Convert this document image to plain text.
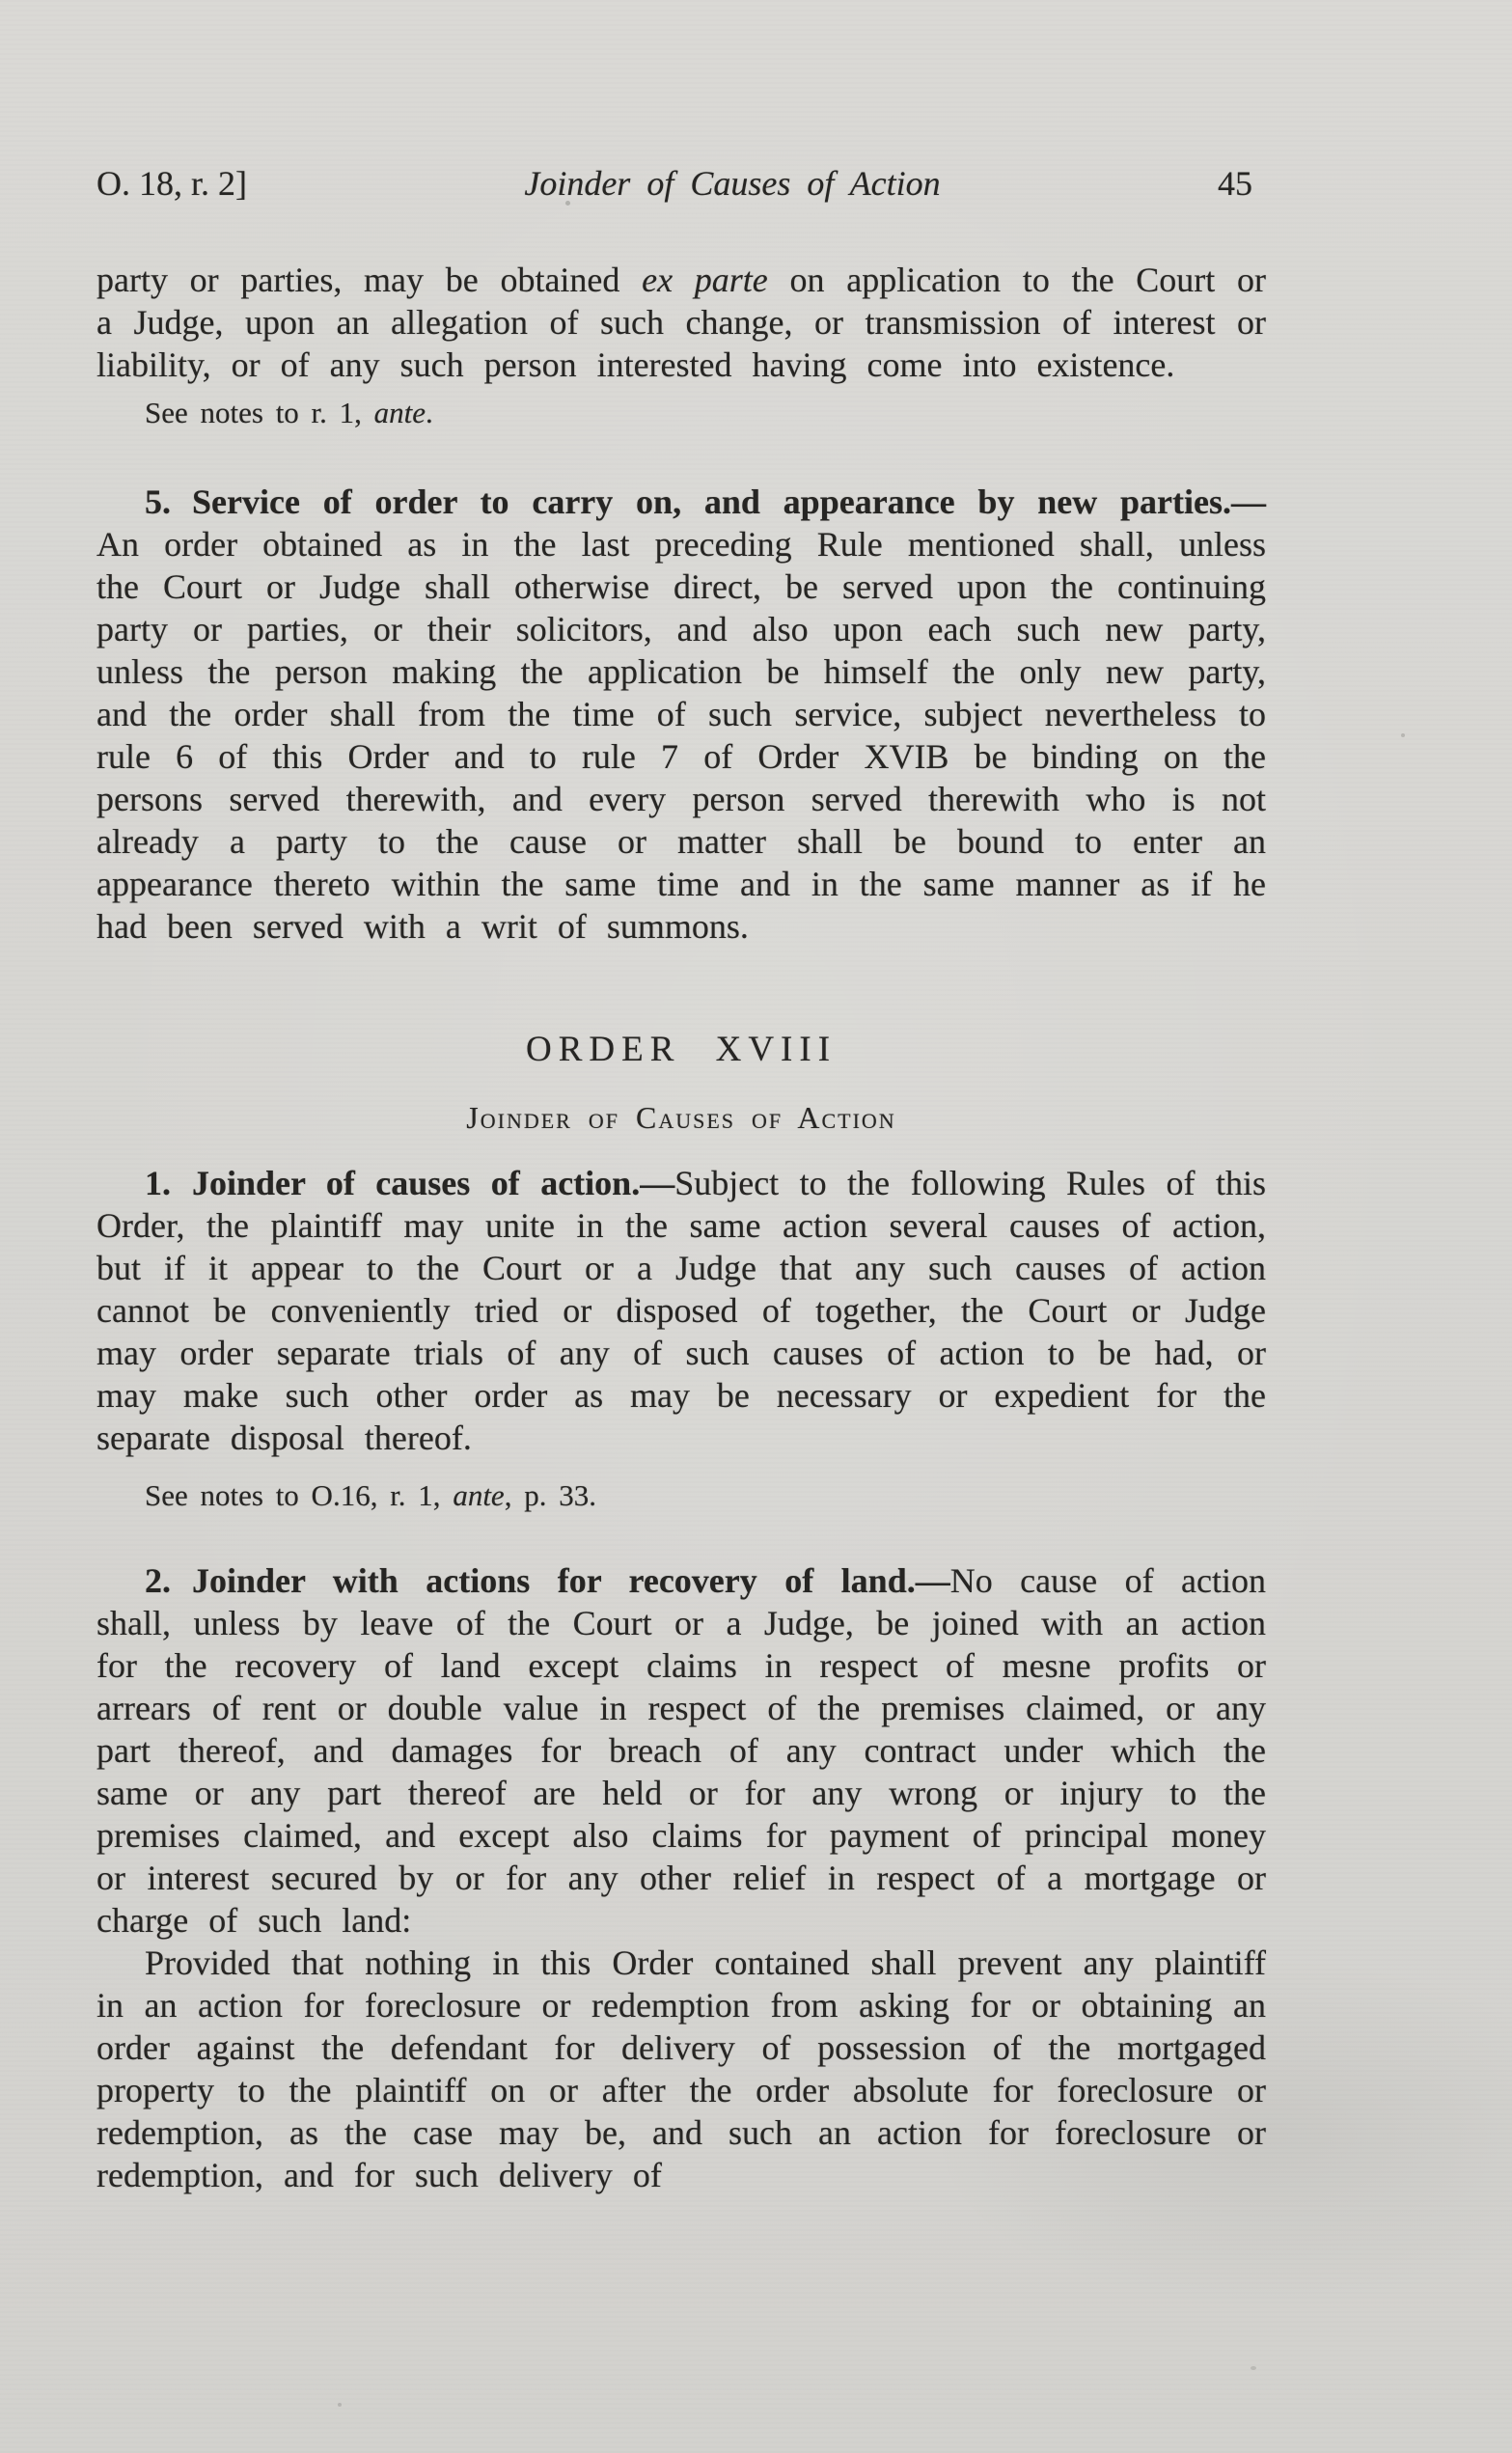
O. 18, r. 2]	Joinder of Causes of Action	45

party or parties, may be obtained ex parte on application to the Court or a Judge, upon an allegation of such change, or transmission of interest or liability, or of any such person interested having come into existence.

See notes to r. 1, ante.

5. Service of order to carry on, and appearance by new parties.—An order obtained as in the last preceding Rule mentioned shall, unless the Court or Judge shall otherwise direct, be served upon the continuing party or parties, or their solicitors, and also upon each such new party, unless the person making the application be himself the only new party, and the order shall from the time of such service, subject nevertheless to rule 6 of this Order and to rule 7 of Order XVIB be binding on the persons served therewith, and every person served therewith who is not already a party to the cause or matter shall be bound to enter an appearance thereto within the same time and in the same manner as if he had been served with a writ of summons.

ORDER XVIII
Joinder of Causes of Action

1. Joinder of causes of action.—Subject to the following Rules of this Order, the plaintiff may unite in the same action several causes of action, but if it appear to the Court or a Judge that any such causes of action cannot be conveniently tried or disposed of together, the Court or Judge may order separate trials of any of such causes of action to be had, or may make such other order as may be necessary or expedient for the separate disposal thereof.

See notes to O.16, r. 1, ante, p. 33.

2. Joinder with actions for recovery of land.—No cause of action shall, unless by leave of the Court or a Judge, be joined with an action for the recovery of land except claims in respect of mesne profits or arrears of rent or double value in respect of the premises claimed, or any part thereof, and damages for breach of any contract under which the same or any part thereof are held or for any wrong or injury to the premises claimed, and except also claims for payment of principal money or interest secured by or for any other relief in respect of a mortgage or charge of such land:

Provided that nothing in this Order contained shall prevent any plaintiff in an action for foreclosure or redemption from asking for or obtaining an order against the defendant for delivery of possession of the mortgaged property to the plaintiff on or after the order absolute for foreclosure or redemption, as the case may be, and such an action for foreclosure or redemption, and for such delivery of
